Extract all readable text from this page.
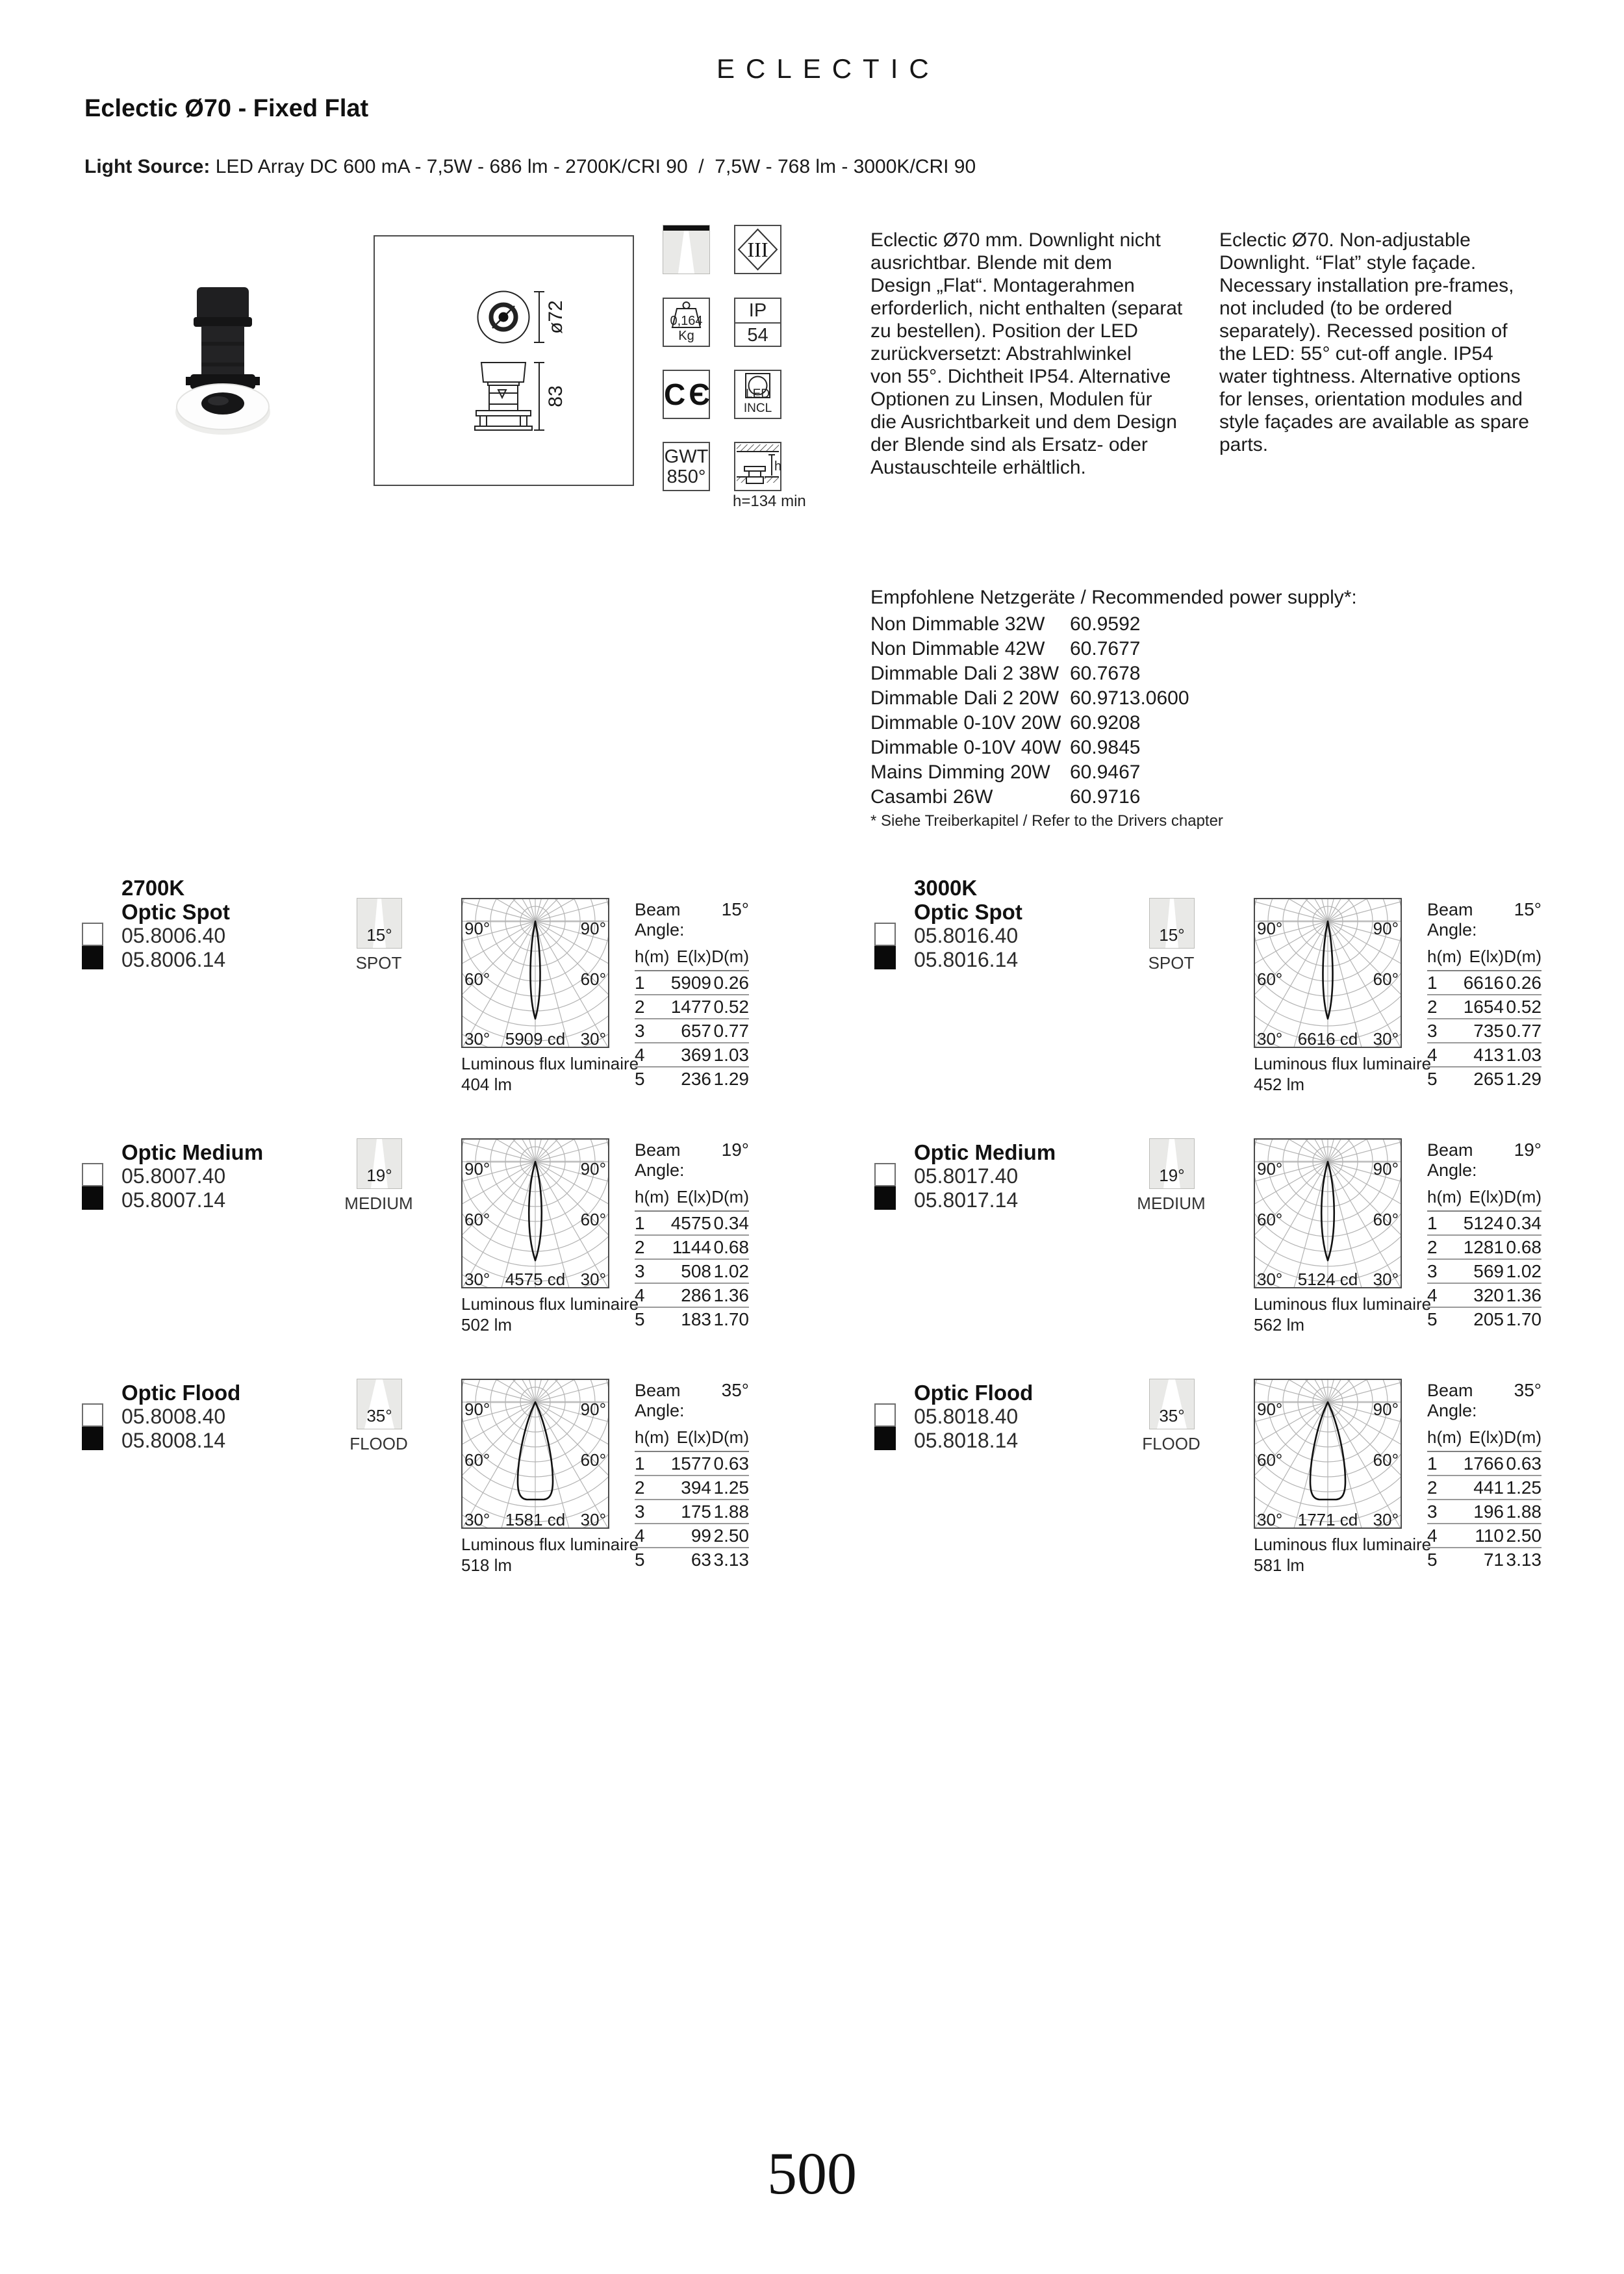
ECLECTIC
Eclectic Ø70 - Fixed Flat
Light Source: LED Array DC 600 mA - 7,5W - 686 lm - 2700K/CRI 90  /  7,5W - 768 lm - 3000K/CRI 90
ø72
83
III
0,164 Kg
IP
54
CЄ	LED INCL
GWT
850°	h
h=134 min
Eclectic Ø70 mm. Downlight nicht
ausrichtbar. Blende mit dem
Design „Flat“. Montagerahmen
erforderlich, nicht enthalten (separat
zu bestellen). Position der LED
zurückversetzt: Abstrahlwinkel
von 55°. Dichtheit IP54. Alternative
Optionen zu Linsen, Modulen für
die Ausrichtbarkeit und dem Design
der Blende sind als Ersatz- oder
Austauschteile erhältlich.
Eclectic Ø70. Non-adjustable
Downlight. “Flat” style façade.
Necessary installation pre-frames,
not included (to be ordered
separately). Recessed position of
the LED: 55° cut-off angle. IP54
water tightness. Alternative options
for lenses, orientation modules and
style façades are available as spare
parts.
Empfohlene Netzgeräte / Recommended power supply*:
Non Dimmable 32W 60.9592
Non Dimmable 42W 60.7677
Dimmable Dali 2 38W 60.7678
Dimmable Dali 2 20W 60.9713.0600
Dimmable 0-10V 20W 60.9208
Dimmable 0-10V 40W 60.9845
Mains Dimming 20W 60.9467
Casambi 26W	60.9716
* Siehe Treiberkapitel / Refer to the Drivers chapter
500
2700K
Optic Spot
05.8006.40
05.8006.14
15°
SPOT
90°	90°
60°	60°
30°	30°
5909 cd
Luminous flux luminaire
404 lm
Beam Angle:
15°
h(m) E(lx) D(m)
1	5909 0.26
2	1477 0.52
3	657 0.77
4	369 1.03
5	236 1.29
3000K
Optic Spot
05.8016.40
05.8016.14
15°
SPOT
90°	90°
60°	60°
30°	30°
6616 cd
Luminous flux luminaire
452 lm
Beam Angle:
15°
h(m) E(lx) D(m)
1	6616 0.26
2	1654 0.52
3	735 0.77
4	413 1.03
5	265 1.29
Optic Medium
05.8007.40
05.8007.14
19°
MEDIUM
90°	90°
60°	60°
30°	30°
4575 cd
Luminous flux luminaire
502 lm
Beam Angle:
19°
h(m) E(lx) D(m)
1	4575 0.34
2	1144 0.68
3	508 1.02
4	286 1.36
5	183 1.70
Optic Medium
05.8017.40
05.8017.14
19°
MEDIUM
90°	90°
60°	60°
30°	30°
5124 cd
Luminous flux luminaire
562 lm
Beam Angle:
19°
h(m) E(lx) D(m)
1	5124 0.34
2	1281 0.68
3	569 1.02
4	320 1.36
5	205 1.70
Optic Flood
05.8008.40
05.8008.14
35°
FLOOD
90°	90°
60°	60°
30°	30°
1581 cd
Luminous flux luminaire
518 lm
Beam Angle:
35°
h(m) E(lx) D(m)
1	1577 0.63
2	394 1.25
3	175 1.88
4	99 2.50
5	63 3.13
Optic Flood
05.8018.40
05.8018.14
35°
FLOOD
90°	90°
60°	60°
30°	30°
1771 cd
Luminous flux luminaire
581 lm
Beam Angle:
35°
h(m) E(lx) D(m)
1	1766 0.63
2	441 1.25
3	196 1.88
4	110 2.50
5	71 3.13
